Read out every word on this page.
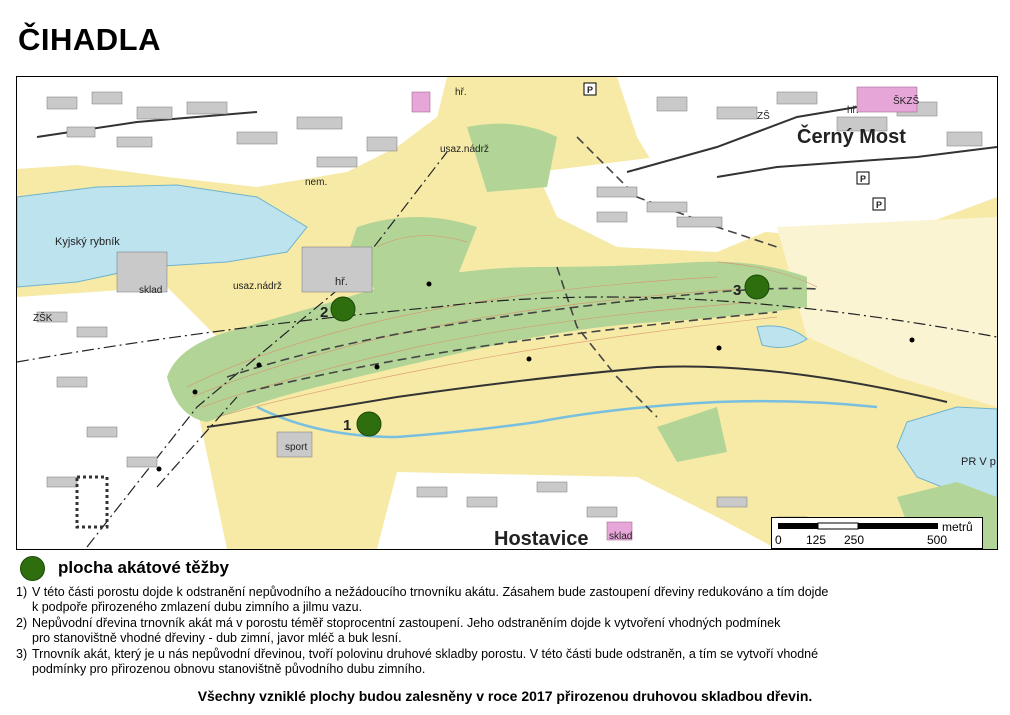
ČIHADLA
Černý Most
Hostavice
Kyjský rybník
usaz.nádrž
usaz.nádrž
hř.
hř.
hř.
ZŠK
ZŠ
ŠKZŠ
nem.
sklad
sklad
sport
PR V p
P
P
P
1
2
3
metrů
0 125 250	500
plocha akátové těžby
1) V této části porostu dojde k odstranění nepůvodního a nežádoucího trnovníku akátu. Zásahem bude zastoupení dřeviny redukováno a tím dojde
k podpoře přirozeného zmlazení dubu zimního a jilmu vazu.
2) Nepůvodní dřevina trnovník akát má v porostu téměř stoprocentní zastoupení. Jeho odstraněním dojde k vytvoření vhodných podmínek
pro stanovištně vhodné dřeviny - dub zimní, javor mléč a buk lesní.
3) Trnovník akát, který je u nás nepůvodní dřevinou, tvoří polovinu druhové skladby porostu. V této části bude odstraněn, a tím se vytvoří vhodné
podmínky pro přirozenou obnovu stanovištně původního dubu zimního.
Všechny vzniklé plochy budou zalesněny v roce 2017 přirozenou druhovou skladbou dřevin.
